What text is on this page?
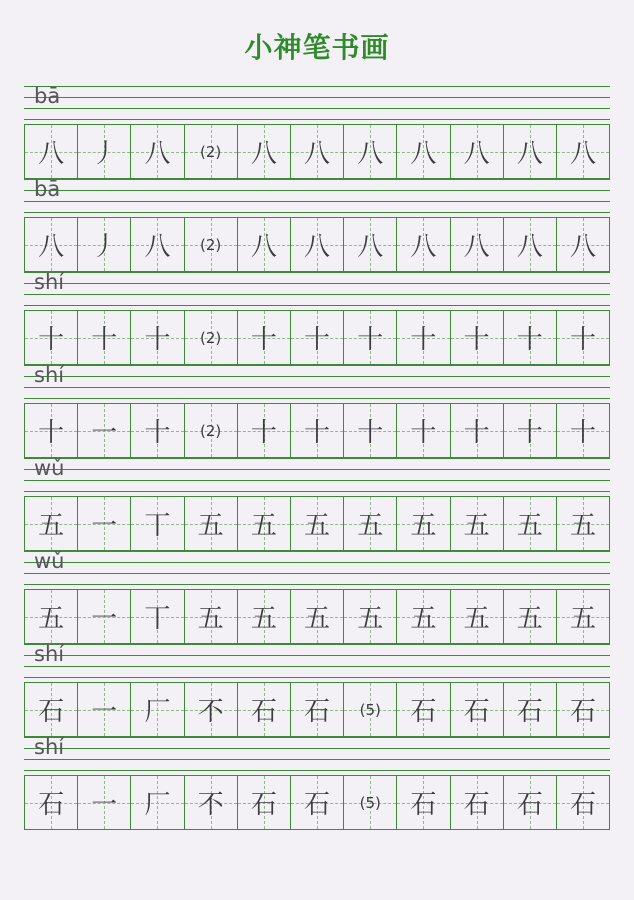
小神笔书画
bā
八	丿	八	(2)	八	八	八	八	八	八	八
bā
八	丿	八	(2)	八	八	八	八	八	八	八
shí
十	十	十	(2)	十	十	十	十	十	十	十
shí
十	一	十	(2)	十	十	十	十	十	十	十
wǔ
五	一	丅	五	五	五	五	五	五	五	五
wǔ
五	一	丅	五	五	五	五	五	五	五	五
shí
石	一	厂	不	石	石	(5)	石	石	石	石
shí
石	一	厂	不	石	石	(5)	石	石	石	石
